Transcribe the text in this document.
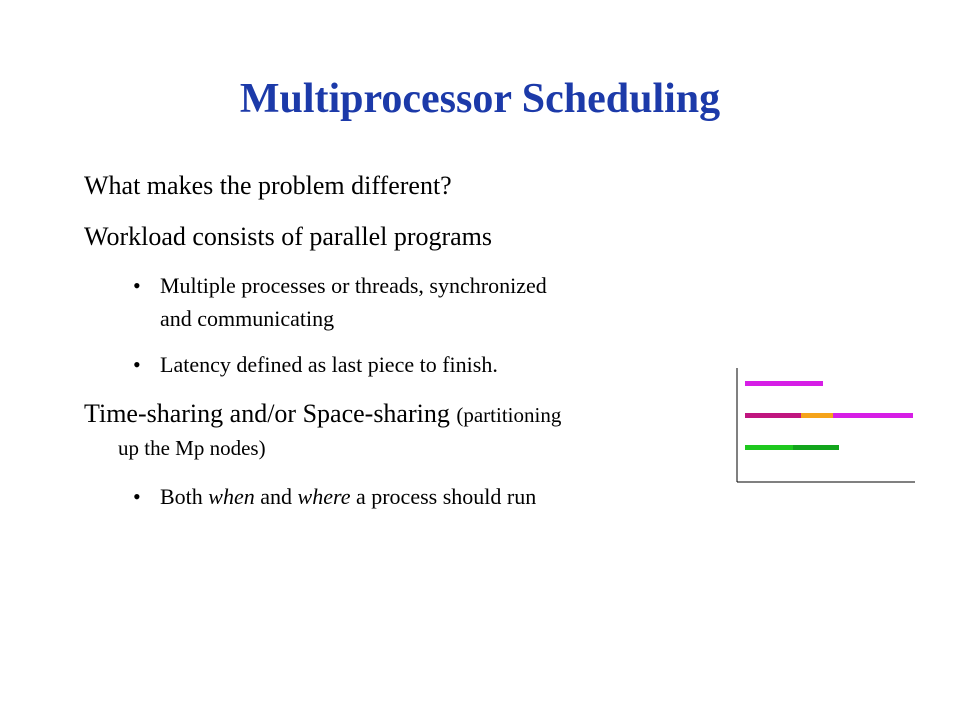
Multiprocessor Scheduling
What makes the problem different?
Workload consists of parallel programs
• Multiple processes or threads, synchronized
and communicating
• Latency defined as last piece to finish.
Time-sharing and/or Space-sharing (partitioning
up the Mp nodes)
• Both when and where a process should run
